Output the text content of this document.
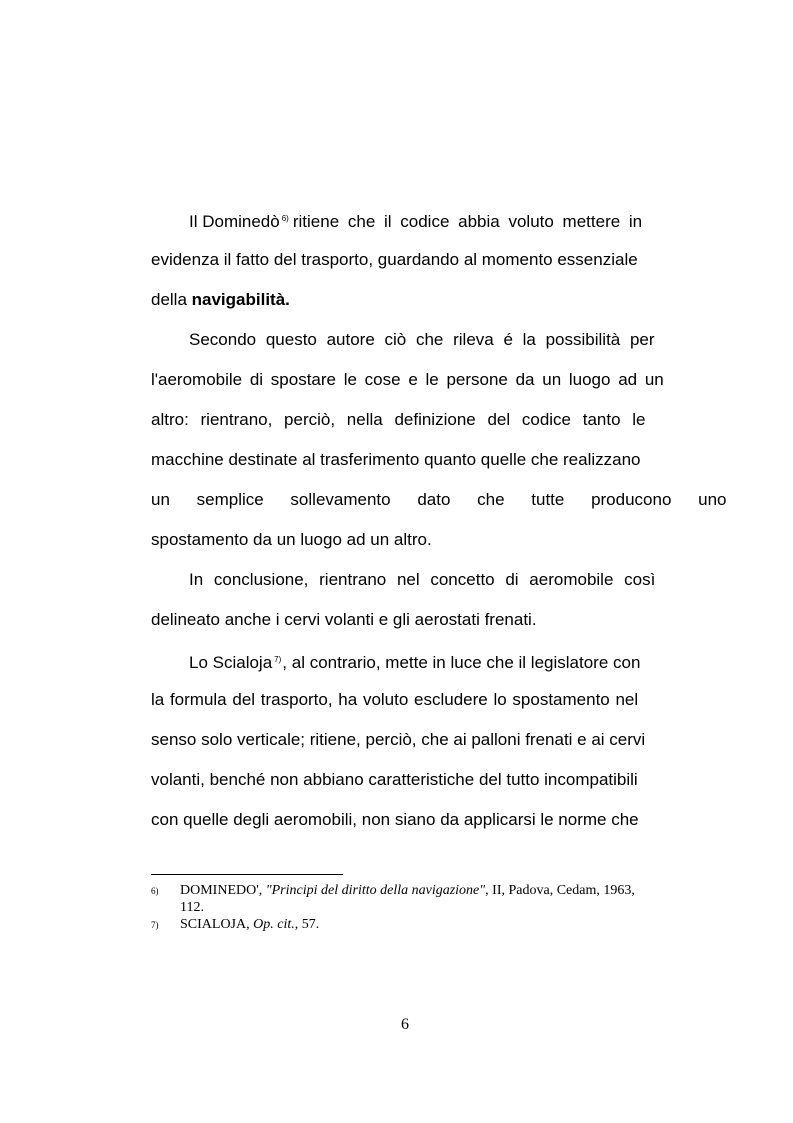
Il Dominedò $^{6)}$ ritiene che il codice abbia voluto mettere in
evidenza il fatto del trasporto, guardando al momento essenziale
della navigabilità.
Secondo questo autore ciò che rileva é la possibilità per
l'aeromobile di spostare le cose e le persone da un luogo ad un
altro: rientrano, perciò, nella definizione del codice tanto le
macchine destinate al trasferimento quanto quelle che realizzano
un semplice sollevamento dato che tutte producono uno
spostamento da un luogo ad un altro.
In conclusione, rientrano nel concetto di aeromobile così
delineato anche i cervi volanti e gli aerostati frenati.
Lo Scialoja $^{7)}$, al contrario, mette in luce che il legislatore con
la formula del trasporto, ha voluto escludere lo spostamento nel
senso solo verticale; ritiene, perciò, che ai palloni frenati e ai cervi
volanti, benché non abbiano caratteristiche del tutto incompatibili
con quelle degli aeromobili, non siano da applicarsi le norme che
6) DOMINEDO', "Principi del diritto della navigazione", II, Padova, Cedam, 1963,
112.
7) SCIALOJA, Op. cit., 57.
6
